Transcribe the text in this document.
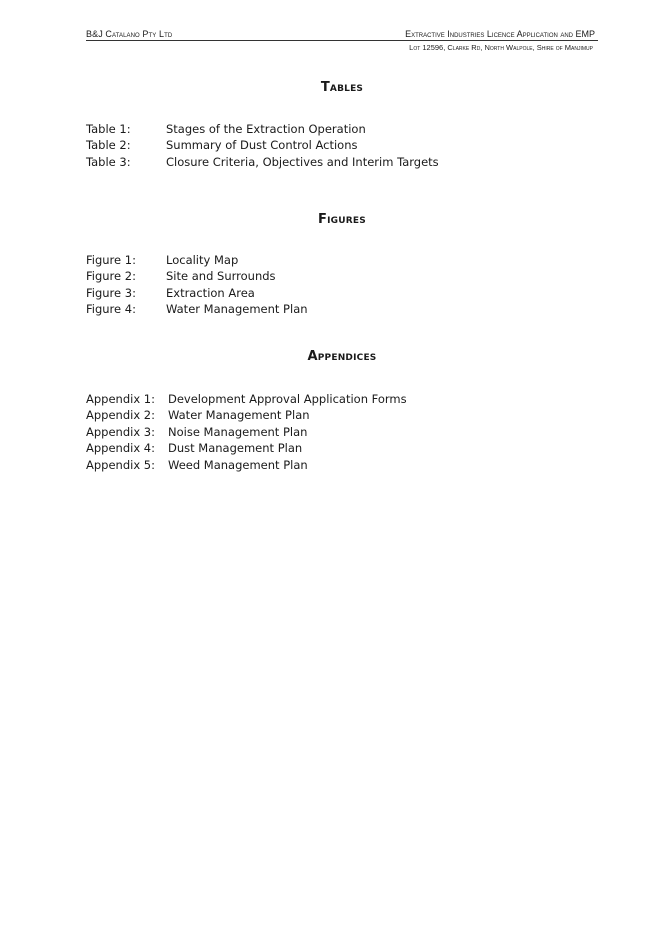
B&J Catalano Pty Ltd	Extractive Industries Licence Application and EMP
Lot 12596, Clarke Rd, North Walpole, Shire of Manjimup
Tables
Table 1:	Stages of the Extraction Operation
Table 2:	Summary of Dust Control Actions
Table 3:	Closure Criteria, Objectives and Interim Targets
Figures
Figure 1:	Locality Map
Figure 2:	Site and Surrounds
Figure 3:	Extraction Area
Figure 4:	Water Management Plan
Appendices
Appendix 1: Development Approval Application Forms
Appendix 2: Water Management Plan
Appendix 3: Noise Management Plan
Appendix 4: Dust Management Plan
Appendix 5: Weed Management Plan
